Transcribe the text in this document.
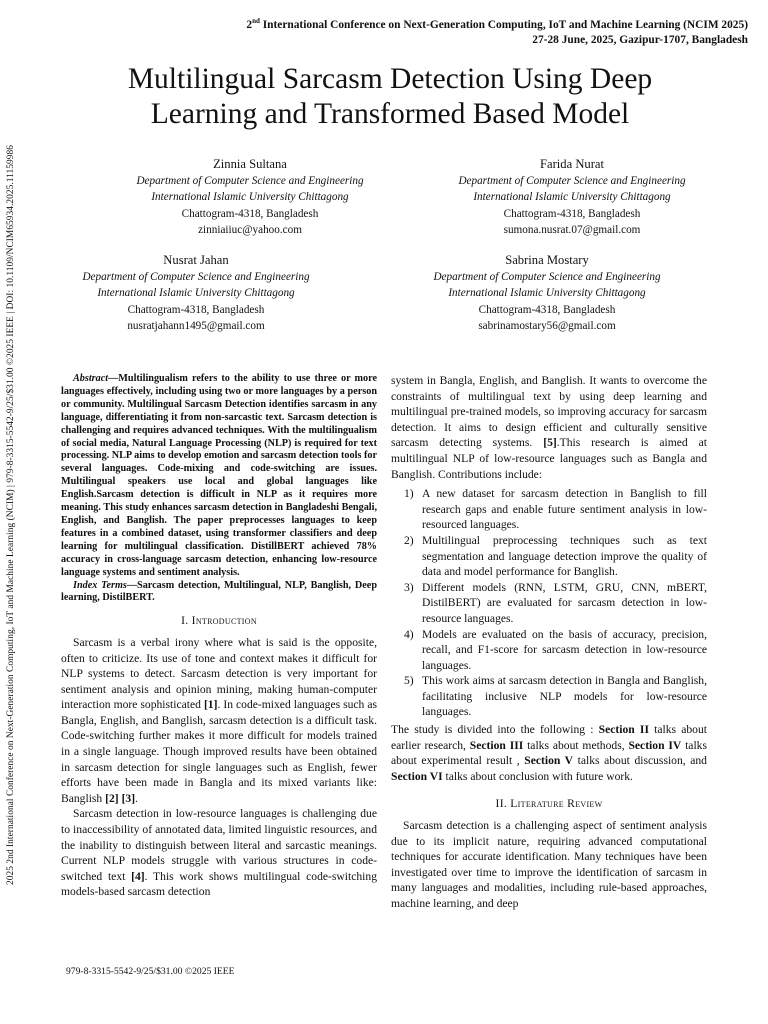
2025 2nd International Conference on Next-Generation Computing, IoT and Machine Learning (NCIM) | 979-8-3315-5542-9/25/$31.00 ©2025 IEEE | DOI: 10.1109/NCIM65934.2025.11159986
2nd International Conference on Next-Generation Computing, IoT and Machine Learning (NCIM 2025)
27-28 June, 2025, Gazipur-1707, Bangladesh
Multilingual Sarcasm Detection Using Deep
Learning and Transformed Based Model
Zinnia Sultana
Department of Computer Science and Engineering
International Islamic University Chittagong
Chattogram-4318, Bangladesh
zinniaiiuc@yahoo.com
Farida Nurat
Department of Computer Science and Engineering
International Islamic University Chittagong
Chattogram-4318, Bangladesh
sumona.nusrat.07@gmail.com
Nusrat Jahan
Department of Computer Science and Engineering
International Islamic University Chittagong
Chattogram-4318, Bangladesh
nusratjahann1495@gmail.com
Sabrina Mostary
Department of Computer Science and Engineering
International Islamic University Chittagong
Chattogram-4318, Bangladesh
sabrinamostary56@gmail.com

Abstract—Multilingualism refers to the ability to use three or more languages effectively, including using two or more languages by a person or community. Multilingual Sarcasm Detection identifies sarcasm in any language, differentiating it from non-sarcastic text. Sarcasm detection is challenging and requires advanced techniques. With the multilingualism of social media, Natural Language Processing (NLP) is required for text processing. NLP aims to develop emotion and sarcasm detection tools for several languages. Code-mixing and code-switching are issues. Multilingual speakers use local and global languages like English.Sarcasm detection is difficult in NLP as it requires more meaning. This study enhances sarcasm detection in Bangladeshi Bengali, English, and Banglish. The paper preprocesses languages to keep features in a combined dataset, using transformer classifiers and deep learning for multilingual classification. DistillBERT achieved 78% accuracy in cross-language sarcasm detection, enhancing low-resource language systems and sentiment analysis.

Index Terms—Sarcasm detection, Multilingual, NLP, Banglish, Deep learning, DistilBERT.

I. Introduction

Sarcasm is a verbal irony where what is said is the opposite, often to criticize. Its use of tone and context makes it difficult for NLP systems to detect. Sarcasm detection is very important for sentiment analysis and opinion mining, making human-computer interaction more sophisticated [1]. In code-mixed languages such as Bangla, English, and Banglish, sarcasm detection is a difficult task. Code-switching further makes it more difficult for models trained in a single language. Though improved results have been obtained in sarcasm detection for single languages such as English, fewer efforts have been made in Bangla and its mixed variants like: Banglish [2] [3].

Sarcasm detection in low-resource languages is challenging due to inaccessibility of annotated data, limited linguistic resources, and the inability to distinguish between literal and sarcastic meanings. Current NLP models struggle with various structures in code-switched text [4]. This work shows multilingual code-switching models-based sarcasm detection

system in Bangla, English, and Banglish. It wants to overcome the constraints of multilingual text by using deep learning and multilingual pre-trained models, so improving accuracy for sarcasm detection. It aims to design efficient and culturally sensitive sarcasm detecting systems. [5].This research is aimed at multilingual NLP of low-resource languages such as Bangla and Banglish. Contributions include:

1) A new dataset for sarcasm detection in Banglish to fill research gaps and enable future sentiment analysis in low-resourced languages.
2) Multilingual preprocessing techniques such as text segmentation and language detection improve the quality of data and model performance for Banglish.
3) Different models (RNN, LSTM, GRU, CNN, mBERT, DistilBERT) are evaluated for sarcasm detection in low-resource languages.
4) Models are evaluated on the basis of accuracy, precision, recall, and F1-score for sarcasm detection in low-resource languages.
5) This work aims at sarcasm detection in Bangla and Banglish, facilitating inclusive NLP models for low-resource languages.

The study is divided into the following : Section II talks about earlier research, Section III talks about methods, Section IV talks about experimental result , Section V talks about discussion, and Section VI talks about conclusion with future work.

II. Literature Review

Sarcasm detection is a challenging aspect of sentiment analysis due to its implicit nature, requiring advanced computational techniques for accurate identification. Many techniques have been investigated over time to improve the identification of sarcasm in many languages and modalities, including rule-based approaches, machine learning, and deep

979-8-3315-5542-9/25/$31.00 ©2025 IEEE
